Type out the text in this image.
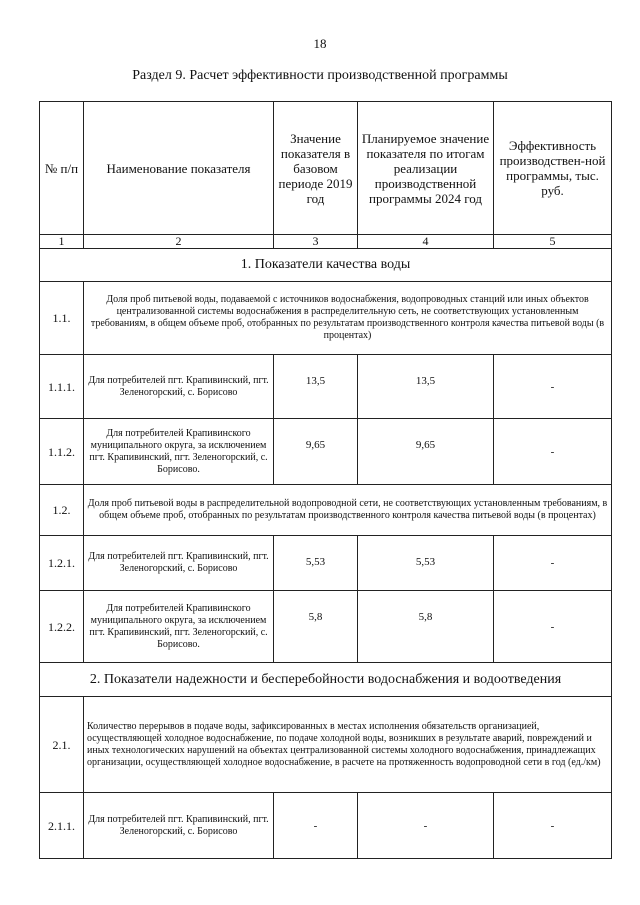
18
Раздел 9. Расчет эффективности производственной программы
№ п/п	Наименование показателя	Значение показателя в базовом периоде 2019 год	Планируемое значение показателя по итогам реализации производственной программы 2024 год	Эффективность производствен-ной программы, тыс. руб.
1	2	3	4	5
1. Показатели качества воды				
1.1.	Доля проб питьевой воды, подаваемой с источников водоснабжения, водопроводных станций или иных объектов централизованной системы водоснабжения в распределительную сеть, не соответствующих установленным требованиям, в общем объеме проб, отобранных по результатам производственного контроля качества питьевой воды (в процентах)			
1.1.1.	Для потребителей пгт. Крапивинский, пгт. Зеленогорский, с. Борисово	13,5	13,5	-
1.1.2.	Для потребителей Крапивинского муниципального округа, за исключением пгт. Крапивинский, пгт. Зеленогорский, с. Борисово.	9,65	9,65	-
1.2.	Доля проб питьевой воды в распределительной водопроводной сети, не соответствующих установленным требованиям, в общем объеме проб, отобранных по результатам производственного контроля качества питьевой воды (в процентах)			
1.2.1.	Для потребителей пгт. Крапивинский, пгт. Зеленогорский, с. Борисово	5,53	5,53	-
1.2.2.	Для потребителей Крапивинского муниципального округа, за исключением пгт. Крапивинский, пгт. Зеленогорский, с. Борисово.	5,8	5,8	-
2. Показатели надежности и бесперебойности водоснабжения и водоотведения				
2.1.	Количество перерывов в подаче воды, зафиксированных в местах исполнения обязательств организацией, осуществляющей холодное водоснабжение, по подаче холодной воды, возникших в результате аварий, повреждений и иных технологических нарушений на объектах централизованной системы холодного водоснабжения, принадлежащих организации, осуществляющей холодное водоснабжение, в расчете на протяженность водопроводной сети в год (ед./км)			
2.1.1.	Для потребителей пгт. Крапивинский, пгт. Зеленогорский, с. Борисово	-	-	-
